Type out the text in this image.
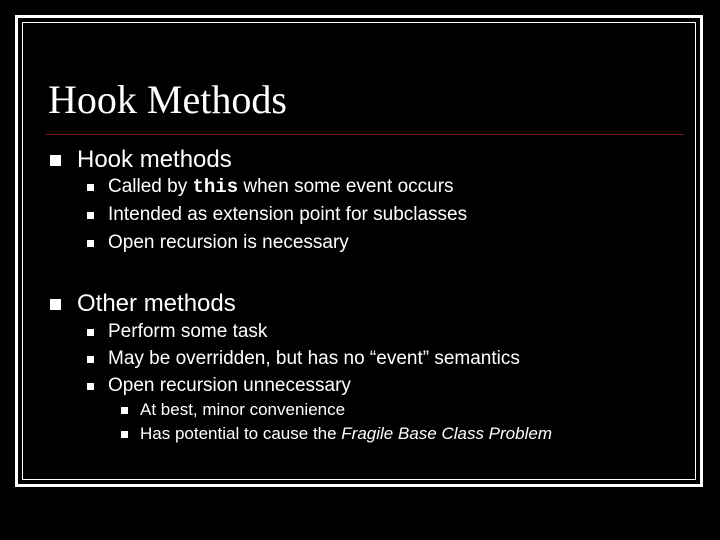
Hook Methods
Hook methods
Called by this when some event occurs
Intended as extension point for subclasses
Open recursion is necessary
Other methods
Perform some task
May be overridden, but has no “event” semantics
Open recursion unnecessary
At best, minor convenience
Has potential to cause the Fragile Base Class Problem
